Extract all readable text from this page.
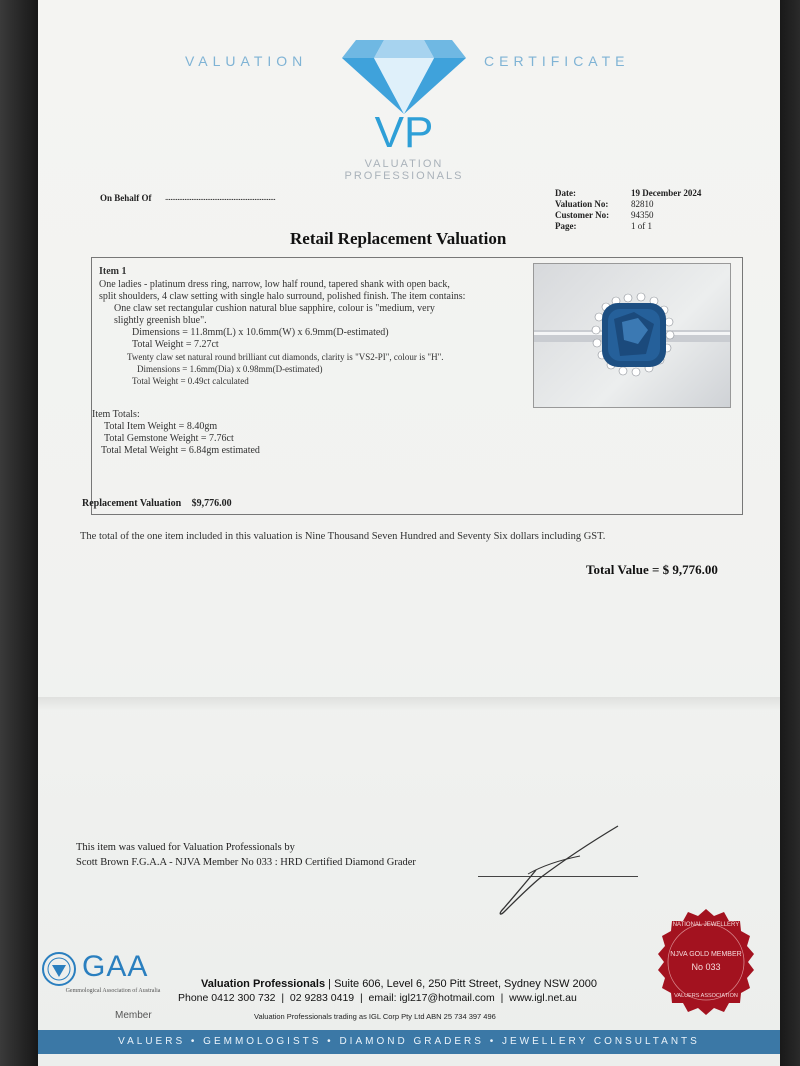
VALUATION	CERTIFICATE
VP
VALUATION
PROFESSIONALS
On Behalf Of ...............................................................	Date:	19 December 2024
Valuation No:	82810
Customer No:	94350
Page:	1 of 1
Retail Replacement Valuation
Item 1
One ladies - platinum dress ring, narrow, low half round, tapered shank with open back,
split shoulders, 4 claw setting with single halo surround, polished finish. The item contains:
One claw set rectangular cushion natural blue sapphire, colour is "medium, very
slightly greenish blue".
Dimensions = 11.8mm(L) x 10.6mm(W) x 6.9mm(D-estimated)
Total Weight = 7.27ct
Twenty claw set natural round brilliant cut diamonds, clarity is "VS2-PI", colour is "H".
Dimensions = 1.6mm(Dia) x 0.98mm(D-estimated)
Total Weight = 0.49ct calculated
Item Totals:
Total Item Weight = 8.40gm
Total Gemstone Weight = 7.76ct
Total Metal Weight = 6.84gm estimated
Replacement Valuation $9,776.00
The total of the one item included in this valuation is Nine Thousand Seven Hundred and Seventy Six dollars including GST.
Total Value = $ 9,776.00
This item was valued for Valuation Professionals by
Scott Brown F.G.A.A - NJVA Member No 033 : HRD Certified Diamond Grader
GAA
Gemmological Association of Australia
Member
Valuation Professionals | Suite 606, Level 6, 250 Pitt Street, Sydney NSW 2000
Phone 0412 300 732  |  02 9283 0419  |  email: igl217@hotmail.com  |  www.igl.net.au
Valuation Professionals trading as IGL Corp Pty Ltd ABN 25 734 397 496
NATIONAL JEWELLERY
NJVA GOLD MEMBER
No 033
VALUERS ASSOCIATION
VALUERS • GEMMOLOGISTS • DIAMOND GRADERS • JEWELLERY CONSULTANTS
